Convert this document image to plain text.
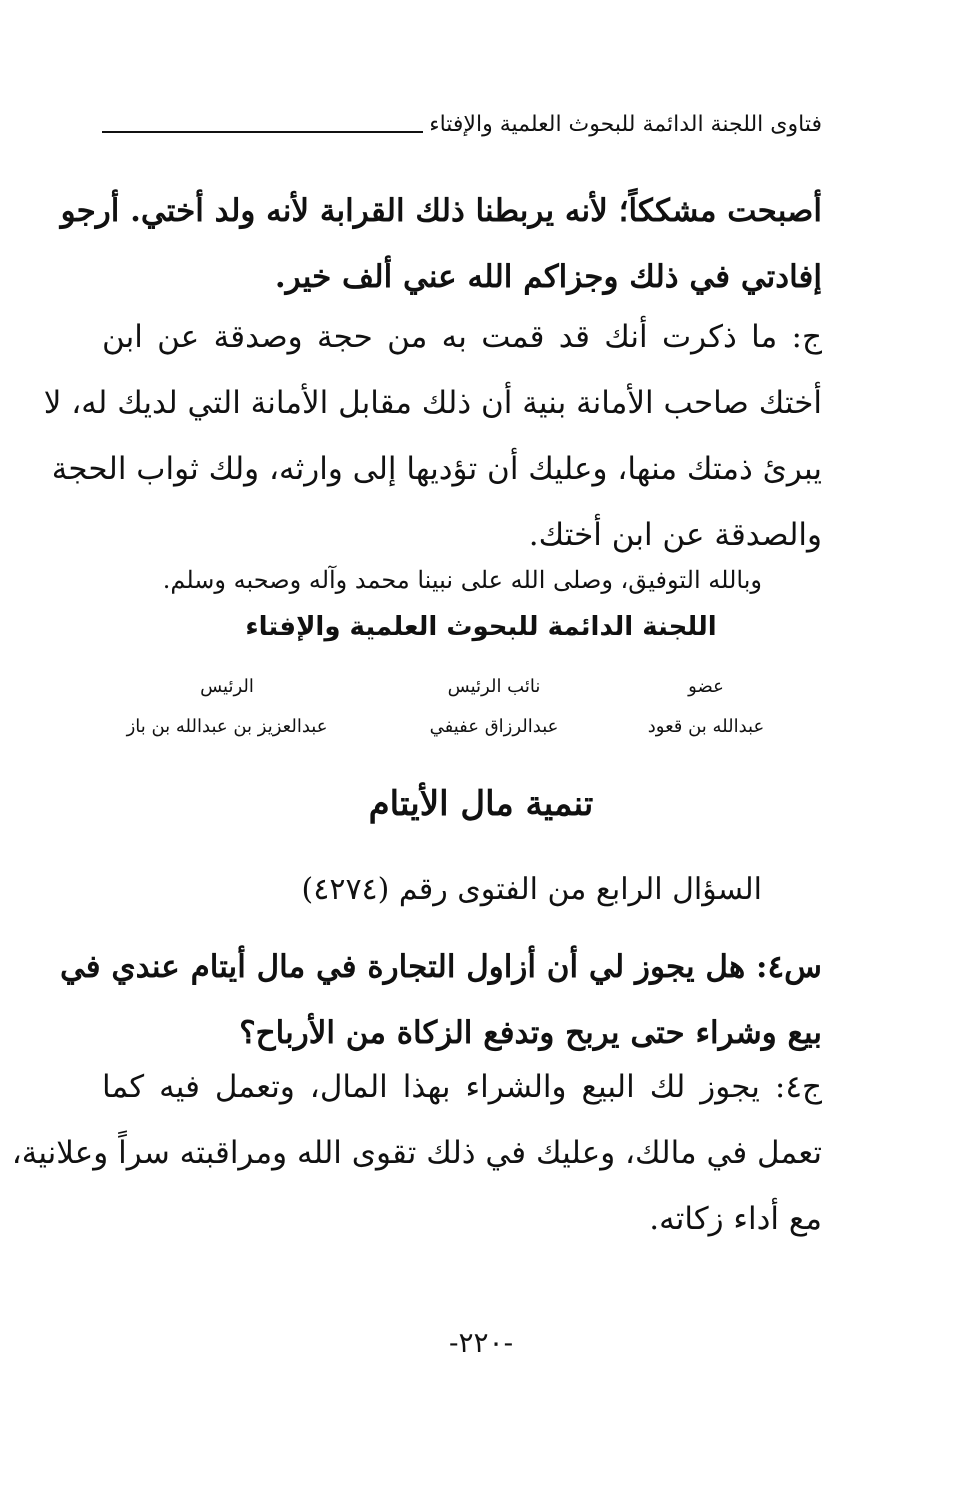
فتاوى اللجنة الدائمة للبحوث العلمية والإفتاء
أصبحت مشككاً؛ لأنه يربطنا ذلك القرابة لأنه ولد أختي. أرجو
إفادتي في ذلك وجزاكم الله عني ألف خير.
ج: ما ذكرت أنك قد قمت به من حجة وصدقة عن ابن
أختك صاحب الأمانة بنية أن ذلك مقابل الأمانة التي لديك له، لا
يبرئ ذمتك منها، وعليك أن تؤديها إلى وارثه، ولك ثواب الحجة
والصدقة عن ابن أختك.
وبالله التوفيق، وصلى الله على نبينا محمد وآله وصحبه وسلم.
اللجنة الدائمة للبحوث العلمية والإفتاء
عضو
نائب الرئيس
الرئيس
عبدالله بن قعود
عبدالرزاق عفيفي
عبدالعزيز بن عبدالله بن باز
تنمية مال الأيتام
السؤال الرابع من الفتوى رقم (٤٢٧٤)
س٤: هل يجوز لي أن أزاول التجارة في مال أيتام عندي في
بيع وشراء حتى يربح وتدفع الزكاة من الأرباح؟
ج٤: يجوز لك البيع والشراء بهذا المال، وتعمل فيه كما
تعمل في مالك، وعليك في ذلك تقوى الله ومراقبته سراً وعلانية،
مع أداء زكاته.
-٢٢٠-
